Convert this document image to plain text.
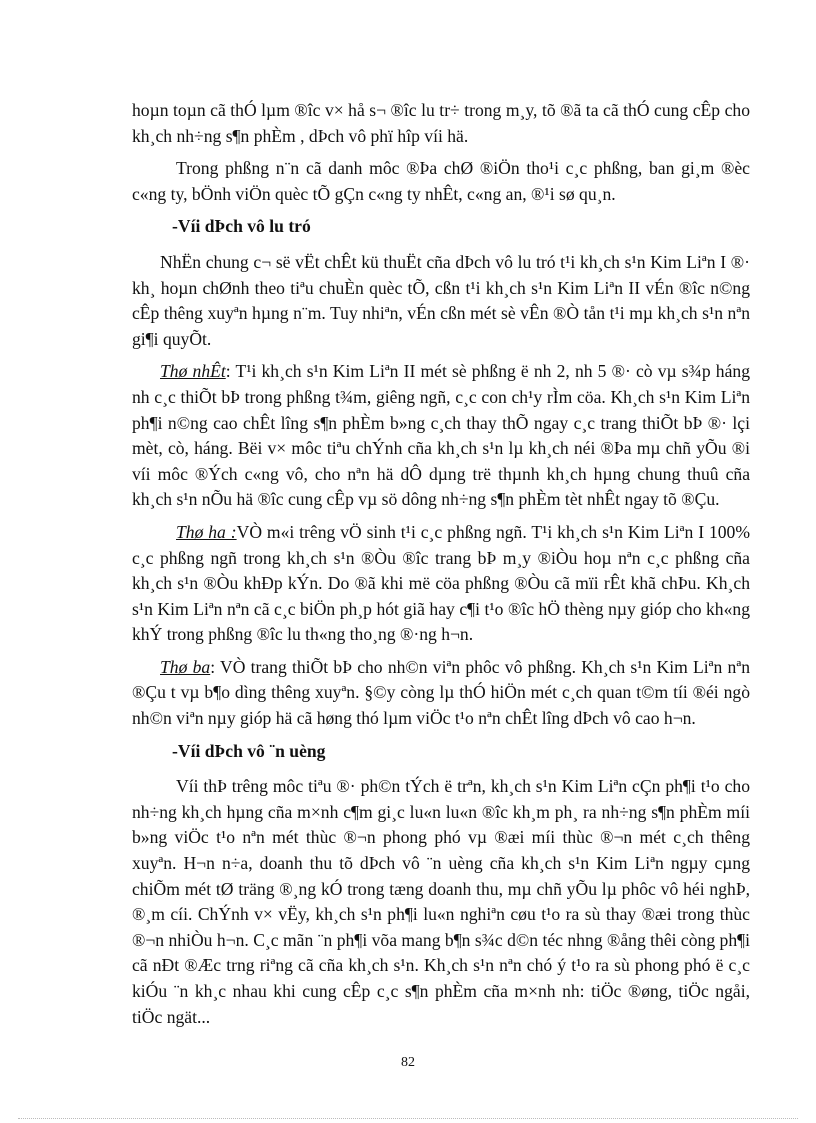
hoµn toµn cã thÓ lµm ®îc v× hå s¬ ®îc lu tr÷ trong m¸y, tõ ®ã ta cã thÓ cung cÊp cho kh¸ch nh÷ng s¶n phÈm , dÞch vô phï hîp víi hä.

Trong phßng n¨n cã danh môc ®Þa chØ ®iÖn tho¹i c¸c phßng, ban gi¸m ®èc c«ng ty, bÖnh viÖn quèc tÕ gÇn c«ng ty nhÊt, c«ng an, ®¹i sø qu¸n.

-Víi dÞch vô lu tró

NhËn chung c¬ së vËt chÊt kü thuËt cña dÞch vô lu tró t¹i kh¸ch s¹n Kim Liªn I ®· kh¸ hoµn chØnh theo tiªu chuÈn quèc tÕ, cßn t¹i kh¸ch s¹n Kim Liªn II vÉn ®îc n©ng cÊp thêng xuyªn hµng n¨m. Tuy nhiªn, vÉn cßn mét sè vÊn ®Ò tån t¹i mµ kh¸ch s¹n nªn gi¶i quyÕt.

Thø nhÊt: T¹i kh¸ch s¹n Kim Liªn II mét sè phßng ë nh 2, nh 5 ®· cò vµ s¾p háng nh c¸c thiÕt bÞ trong phßng t¾m, giêng ngñ, c¸c con ch¹y rÌm cöa. Kh¸ch s¹n Kim Liªn ph¶i n©ng cao chÊt lîng s¶n phÈm b»ng c¸ch thay thÕ ngay c¸c trang thiÕt bÞ ®· lçi mèt, cò, háng. Bëi v× môc tiªu chÝnh cña kh¸ch s¹n lµ kh¸ch néi ®Þa mµ chñ yÕu ®i víi môc ®Ých c«ng vô, cho nªn hä dÔ dµng trë thµnh kh¸ch hµng chung thuû cña kh¸ch s¹n nÕu hä ®îc cung cÊp vµ sö dông nh÷ng s¶n phÈm tèt nhÊt ngay tõ ®Çu.

Thø ha :VÒ m«i trêng vÖ sinh t¹i c¸c phßng ngñ. T¹i kh¸ch s¹n Kim Liªn I 100% c¸c phßng ngñ trong kh¸ch s¹n ®Òu ®îc trang bÞ m¸y ®iÒu hoµ nªn c¸c phßng cña kh¸ch s¹n ®Òu khÐp kÝn. Do ®ã khi më cöa phßng ®Òu cã mïi rÊt khã chÞu. Kh¸ch s¹n Kim Liªn nªn cã c¸c biÖn ph¸p hót giã hay c¶i t¹o ®îc hÖ thèng nµy gióp cho kh«ng khÝ trong phßng ®îc lu th«ng tho¸ng ®·ng h¬n.

Thø ba: VÒ trang thiÕt bÞ cho nh©n viªn phôc vô phßng. Kh¸ch s¹n Kim Liªn nªn ®Çu t vµ b¶o dìng thêng xuyªn. §©y còng lµ thÓ hiÖn mét c¸ch quan t©m tíi ®éi ngò nh©n viªn nµy gióp hä cã høng thó lµm viÖc t¹o nªn chÊt lîng dÞch vô cao h¬n.

-Víi dÞch vô ¨n uèng

Víi thÞ trêng môc tiªu ®· ph©n tÝch ë trªn, kh¸ch s¹n Kim Liªn cÇn ph¶i t¹o cho nh÷ng kh¸ch hµng cña m×nh c¶m gi¸c lu«n lu«n ®îc kh¸m ph¸ ra nh÷ng s¶n phÈm míi b»ng viÖc t¹o nªn mét thùc ®¬n phong phó vµ ®æi míi thùc ®¬n mét c¸ch thêng xuyªn. H¬n n÷a, doanh thu tõ dÞch vô ¨n uèng cña kh¸ch s¹n Kim Liªn ngµy cµng chiÕm mét tØ träng ®¸ng kÓ trong tæng doanh thu, mµ chñ yÕu lµ phôc vô héi nghÞ, ®¸m cíi. ChÝnh v× vËy, kh¸ch s¹n ph¶i lu«n nghiªn cøu t¹o ra sù thay ®æi trong thùc ®¬n nhiÒu h¬n. C¸c mãn ¨n ph¶i võa mang b¶n s¾c d©n téc nhng ®ång thêi còng ph¶i cã nÐt ®Æc trng riªng cã cña kh¸ch s¹n. Kh¸ch s¹n nªn chó ý t¹o ra sù phong phó ë c¸c kiÓu ¨n kh¸c nhau khi cung cÊp c¸c s¶n phÈm cña m×nh nh: tiÖc ®øng, tiÖc ngåi, tiÖc ngät...

82
